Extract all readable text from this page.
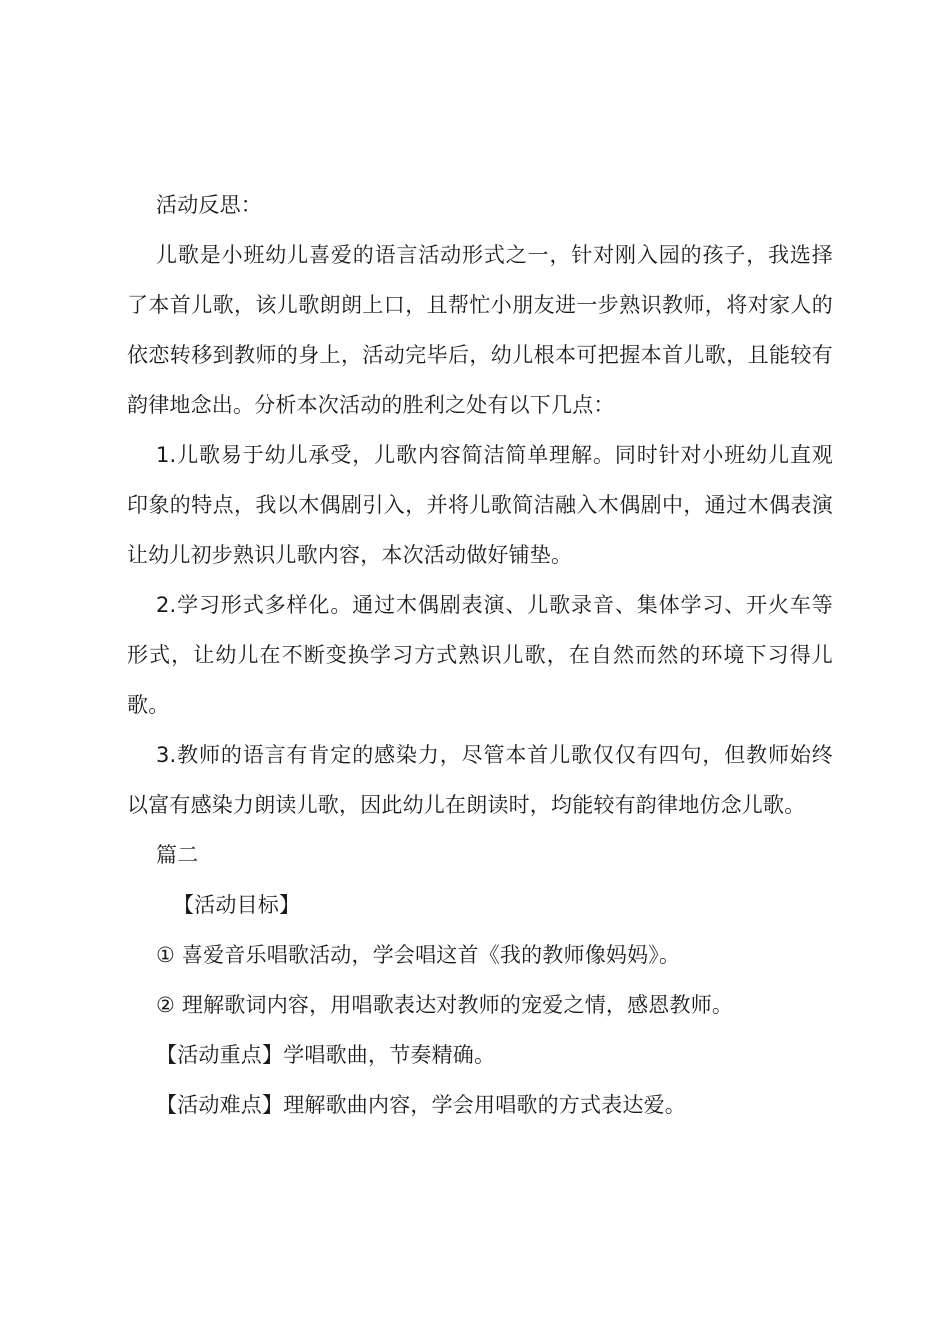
活动反思：

儿歌是小班幼儿喜爱的语言活动形式之一，针对刚入园的孩子，我选择了本首儿歌，该儿歌朗朗上口，且帮忙小朋友进一步熟识教师，将对家人的依恋转移到教师的身上，活动完毕后，幼儿根本可把握本首儿歌，且能较有韵律地念出。分析本次活动的胜利之处有以下几点：

1.儿歌易于幼儿承受，儿歌内容简洁简单理解。同时针对小班幼儿直观印象的特点，我以木偶剧引入，并将儿歌简洁融入木偶剧中，通过木偶表演让幼儿初步熟识儿歌内容，本次活动做好铺垫。

2.学习形式多样化。通过木偶剧表演、儿歌录音、集体学习、开火车等形式，让幼儿在不断变换学习方式熟识儿歌，在自然而然的环境下习得儿歌。

3.教师的语言有肯定的感染力，尽管本首儿歌仅仅有四句，但教师始终以富有感染力朗读儿歌，因此幼儿在朗读时，均能较有韵律地仿念儿歌。

篇二

【活动目标】

① 喜爱音乐唱歌活动，学会唱这首《我的教师像妈妈》。

② 理解歌词内容，用唱歌表达对教师的宠爱之情，感恩教师。

【活动重点】学唱歌曲，节奏精确。

【活动难点】理解歌曲内容，学会用唱歌的方式表达爱。
